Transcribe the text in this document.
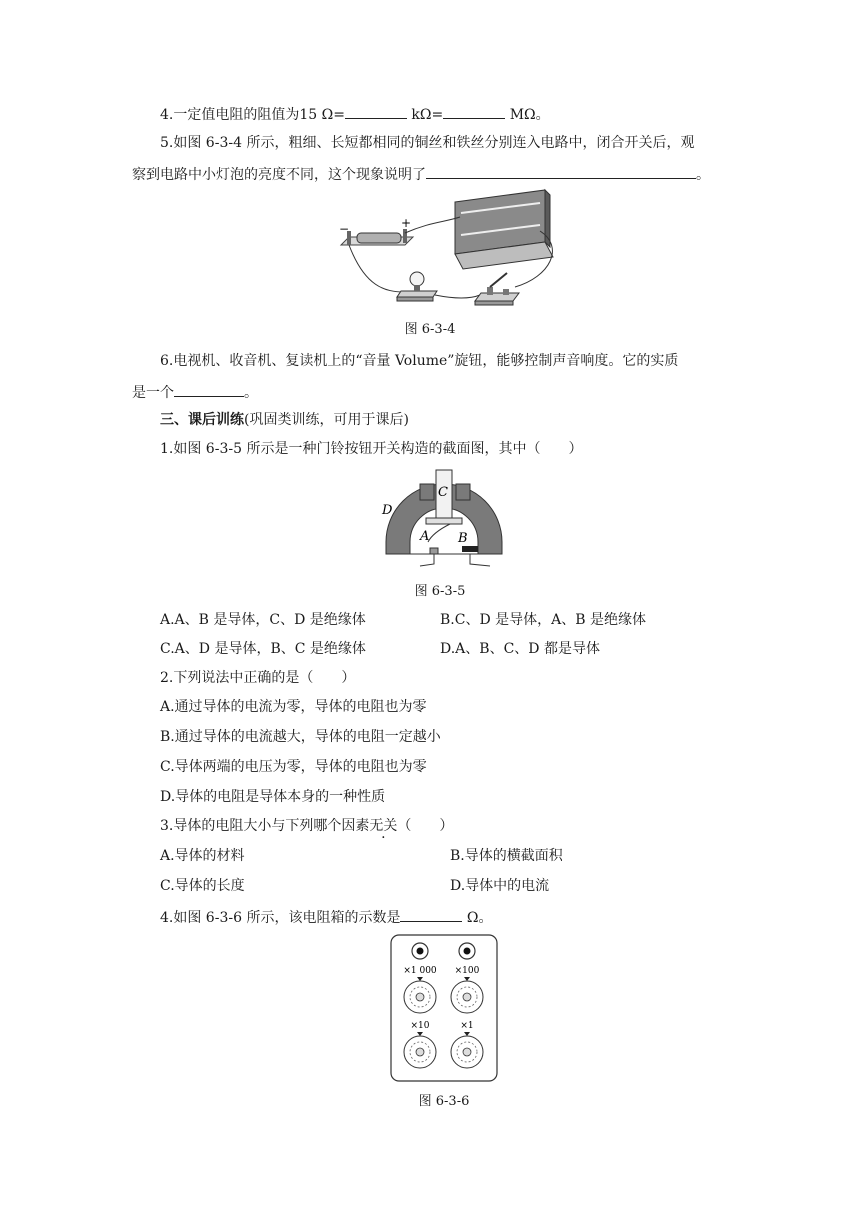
4.一定值电阻的阻值为15 Ω=	kΩ=	MΩ。
5.如图 6-3-4 所示，粗细、长短都相同的铜丝和铁丝分别连入电路中，闭合开关后，观
察到电路中小灯泡的亮度不同，这个现象说明了	。
−	+
图 6-3-4
6.电视机、收音机、复读机上的“音量 Volume”旋钮，能够控制声音响度。它的实质
是一个	。
三、课后训练(巩固类训练，可用于课后)
1.如图 6-3-5 所示是一种门铃按钮开关构造的截面图，其中（　　）
C
D
A B
图 6-3-5
A.A、B 是导体，C、D 是绝缘体	B.C、D 是导体，A、B 是绝缘体
C.A、D 是导体，B、C 是绝缘体	D.A、B、C、D 都是导体
2.下列说法中正确的是（　　）
A.通过导体的电流为零，导体的电阻也为零
B.通过导体的电流越大，导体的电阻一定越小
C.导体两端的电压为零，导体的电阻也为零
D.导体的电阻是导体本身的一种性质
3.导体的电阻大小与下列哪个因素无关（　　）
A.导体的材料	B.导体的横截面积
C.导体的长度	D.导体中的电流
4.如图 6-3-6 所示，该电阻箱的示数是	Ω。
×1 000 ×100
×10	×1
图 6-3-6
